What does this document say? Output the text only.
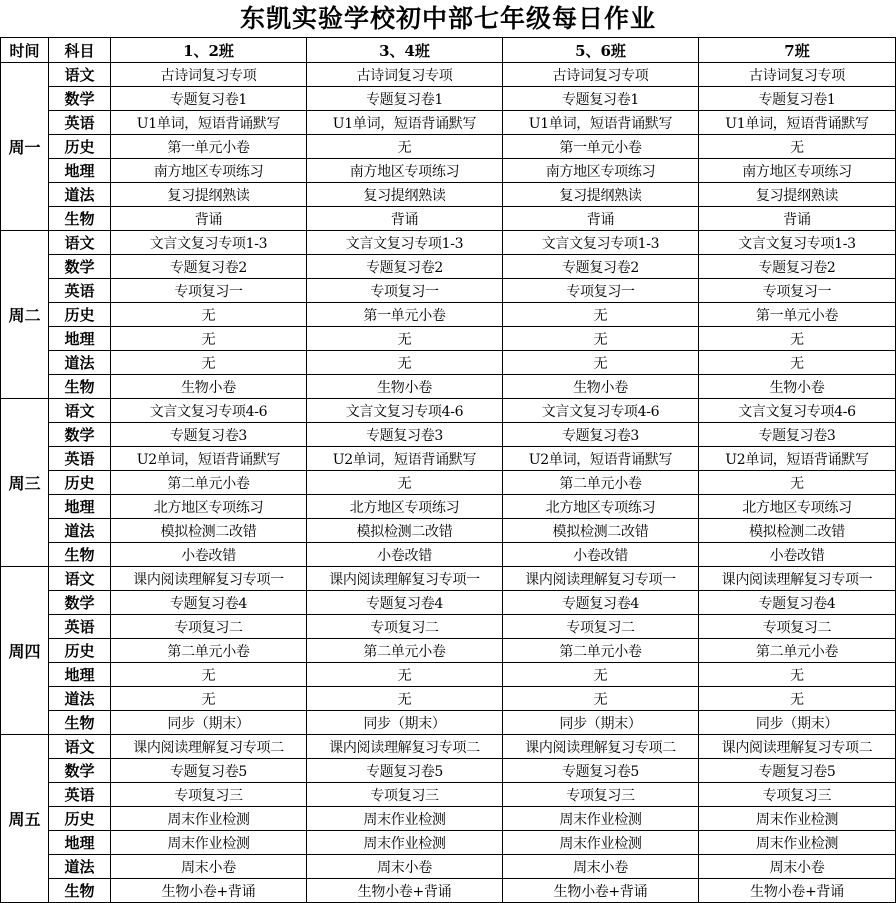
东凯实验学校初中部七年级每日作业
时间	科目	1、2班	3、4班	5、6班	7班
周一	语文	古诗词复习专项	古诗词复习专项	古诗词复习专项	古诗词复习专项
	数学	专题复习卷1	专题复习卷1	专题复习卷1	专题复习卷1
	英语	U1单词，短语背诵默写	U1单词，短语背诵默写	U1单词，短语背诵默写	U1单词，短语背诵默写
	历史	第一单元小卷	无	第一单元小卷	无
	地理	南方地区专项练习	南方地区专项练习	南方地区专项练习	南方地区专项练习
	道法	复习提纲熟读	复习提纲熟读	复习提纲熟读	复习提纲熟读
	生物	背诵	背诵	背诵	背诵
周二	语文	文言文复习专项1-3	文言文复习专项1-3	文言文复习专项1-3	文言文复习专项1-3
	数学	专题复习卷2	专题复习卷2	专题复习卷2	专题复习卷2
	英语	专项复习一	专项复习一	专项复习一	专项复习一
	历史	无	第一单元小卷	无	第一单元小卷
	地理	无	无	无	无
	道法	无	无	无	无
	生物	生物小卷	生物小卷	生物小卷	生物小卷
周三	语文	文言文复习专项4-6	文言文复习专项4-6	文言文复习专项4-6	文言文复习专项4-6
	数学	专题复习卷3	专题复习卷3	专题复习卷3	专题复习卷3
	英语	U2单词，短语背诵默写	U2单词，短语背诵默写	U2单词，短语背诵默写	U2单词，短语背诵默写
	历史	第二单元小卷	无	第二单元小卷	无
	地理	北方地区专项练习	北方地区专项练习	北方地区专项练习	北方地区专项练习
	道法	模拟检测二改错	模拟检测二改错	模拟检测二改错	模拟检测二改错
	生物	小卷改错	小卷改错	小卷改错	小卷改错
周四	语文	课内阅读理解复习专项一	课内阅读理解复习专项一	课内阅读理解复习专项一	课内阅读理解复习专项一
	数学	专题复习卷4	专题复习卷4	专题复习卷4	专题复习卷4
	英语	专项复习二	专项复习二	专项复习二	专项复习二
	历史	第二单元小卷	第二单元小卷	第二单元小卷	第二单元小卷
	地理	无	无	无	无
	道法	无	无	无	无
	生物	同步（期末）	同步（期末）	同步（期末）	同步（期末）
周五	语文	课内阅读理解复习专项二	课内阅读理解复习专项二	课内阅读理解复习专项二	课内阅读理解复习专项二
	数学	专题复习卷5	专题复习卷5	专题复习卷5	专题复习卷5
	英语	专项复习三	专项复习三	专项复习三	专项复习三
	历史	周末作业检测	周末作业检测	周末作业检测	周末作业检测
	地理	周末作业检测	周末作业检测	周末作业检测	周末作业检测
	道法	周末小卷	周末小卷	周末小卷	周末小卷
	生物	生物小卷+背诵	生物小卷+背诵	生物小卷+背诵	生物小卷+背诵
